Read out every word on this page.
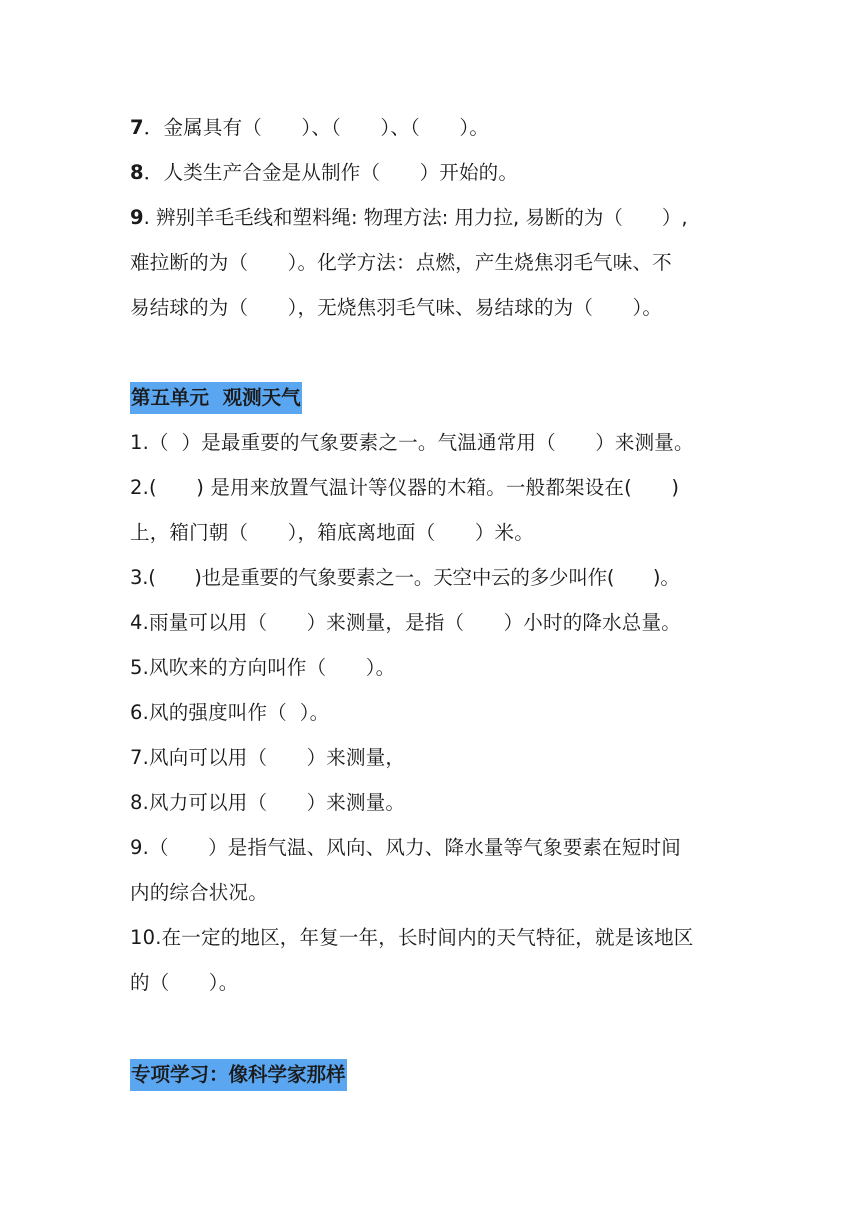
7．金属具有（　　）、（　　）、（　　）。
8．人类生产合金是从制作（　　）开始的。
9. 辨别羊毛毛线和塑料绳: 物理方法: 用力拉, 易断的为（　　）,
难拉断的为（　　）。化学方法：点燃，产生烧焦羽毛气味、不
易结球的为（　　），无烧焦羽毛气味、易结球的为（　　）。
第五单元  观测天气
1.（  ）是最重要的气象要素之一。气温通常用（　　）来测量。
2.(　　) 是用来放置气温计等仪器的木箱。一般都架设在(　　)
上，箱门朝（　　），箱底离地面（　　）米。
3.(　　)也是重要的气象要素之一。天空中云的多少叫作(　　)。
4.雨量可以用（　　）来测量，是指（　　）小时的降水总量。
5.风吹来的方向叫作（　　）。
6.风的强度叫作（  ）。
7.风向可以用（　　）来测量，
8.风力可以用（　　）来测量。
9.（　　）是指气温、风向、风力、降水量等气象要素在短时间
内的综合状况。
10.在一定的地区，年复一年，长时间内的天气特征，就是该地区
的（　　）。
专项学习：像科学家那样
